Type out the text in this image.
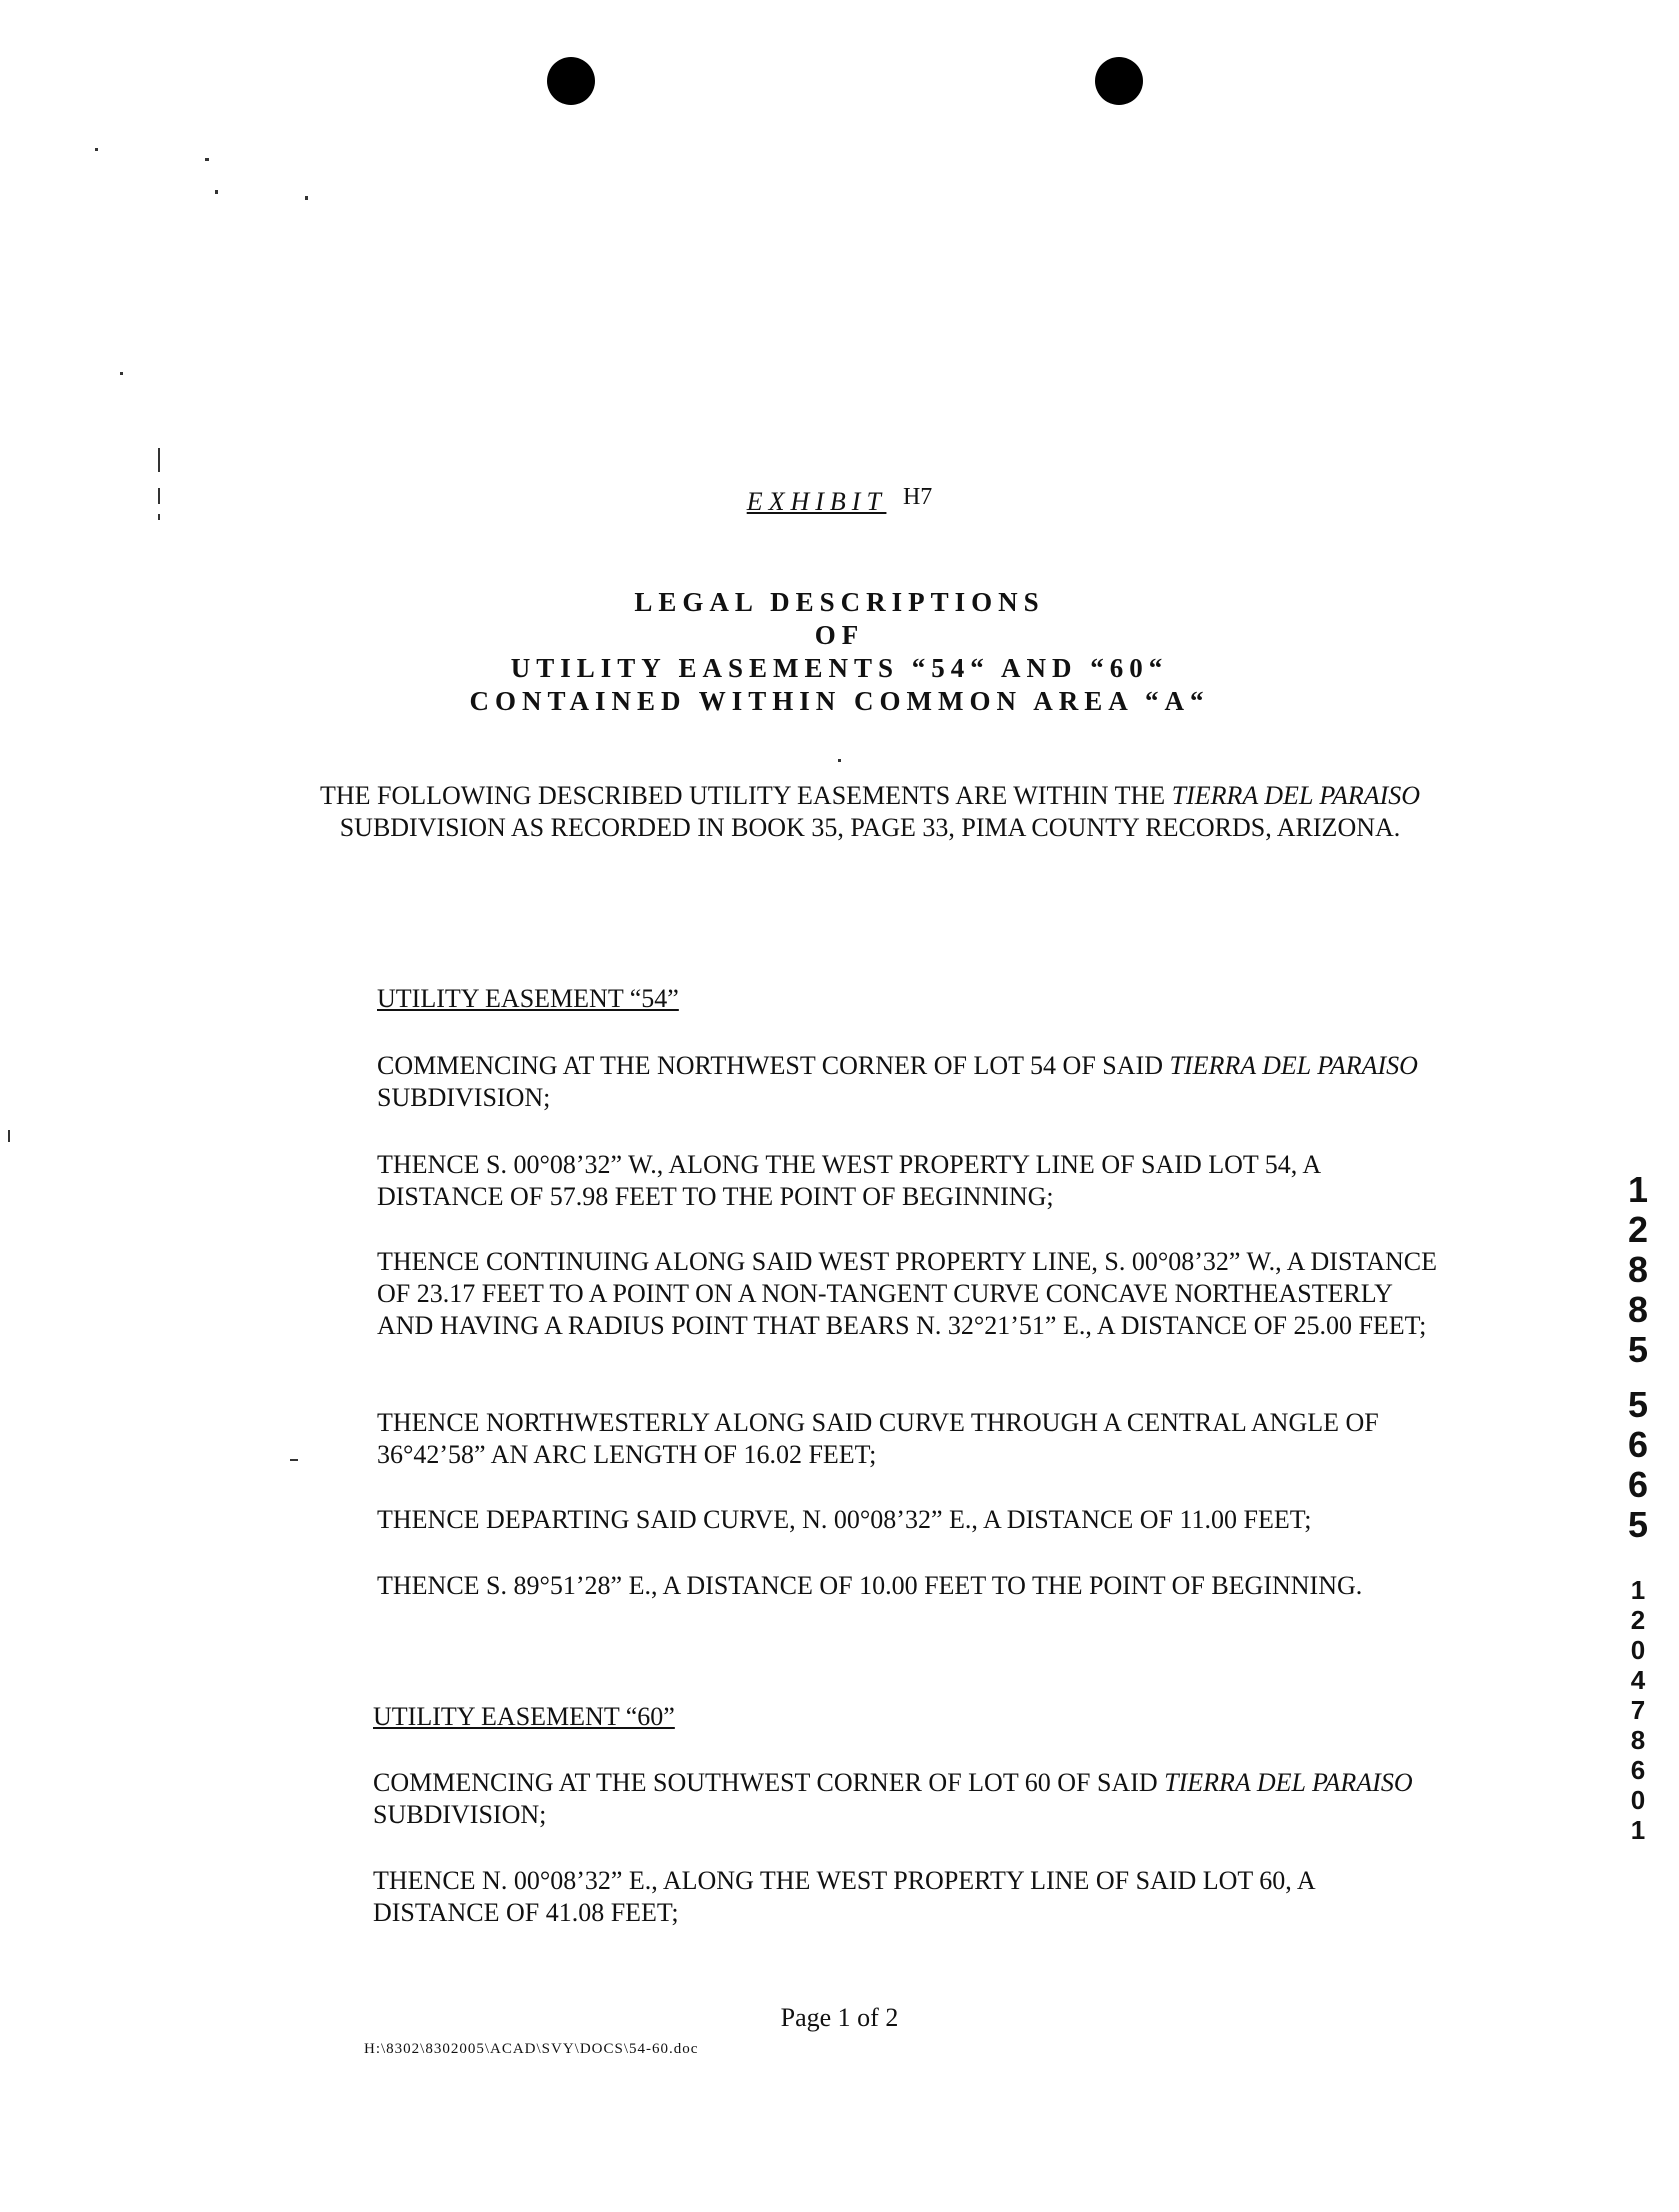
EXHIBIT H7
LEGAL DESCRIPTIONS
OF
UTILITY EASEMENTS “54“ AND “60“
CONTAINED WITHIN COMMON AREA “A“
THE FOLLOWING DESCRIBED UTILITY EASEMENTS ARE WITHIN THE TIERRA DEL PARAISO SUBDIVISION AS RECORDED IN BOOK 35, PAGE 33, PIMA COUNTY RECORDS, ARIZONA.
UTILITY EASEMENT “54”
COMMENCING AT THE NORTHWEST CORNER OF LOT 54 OF SAID TIERRA DEL PARAISO SUBDIVISION;
THENCE S. 00°08’32” W., ALONG THE WEST PROPERTY LINE OF SAID LOT 54, A DISTANCE OF 57.98 FEET TO THE POINT OF BEGINNING;
THENCE CONTINUING ALONG SAID WEST PROPERTY LINE, S. 00°08’32” W., A DISTANCE OF 23.17 FEET TO A POINT ON A NON-TANGENT CURVE CONCAVE NORTHEASTERLY AND HAVING A RADIUS POINT THAT BEARS N. 32°21’51” E., A DISTANCE OF 25.00 FEET;
THENCE NORTHWESTERLY ALONG SAID CURVE THROUGH A CENTRAL ANGLE OF 36°42’58” AN ARC LENGTH OF 16.02 FEET;
THENCE DEPARTING SAID CURVE, N. 00°08’32” E., A DISTANCE OF 11.00 FEET;
THENCE S. 89°51’28” E., A DISTANCE OF 10.00 FEET TO THE POINT OF BEGINNING.
UTILITY EASEMENT “60”
COMMENCING AT THE SOUTHWEST CORNER OF LOT 60 OF SAID TIERRA DEL PARAISO SUBDIVISION;
THENCE N. 00°08’32” E., ALONG THE WEST PROPERTY LINE OF SAID LOT 60, A DISTANCE OF 41.08 FEET;
1
2
8
8
5
5
6
6
5
1
2
0
4
7
8
6
0
1
Page 1 of 2
H:\8302\8302005\ACAD\SVY\DOCS\54-60.doc
